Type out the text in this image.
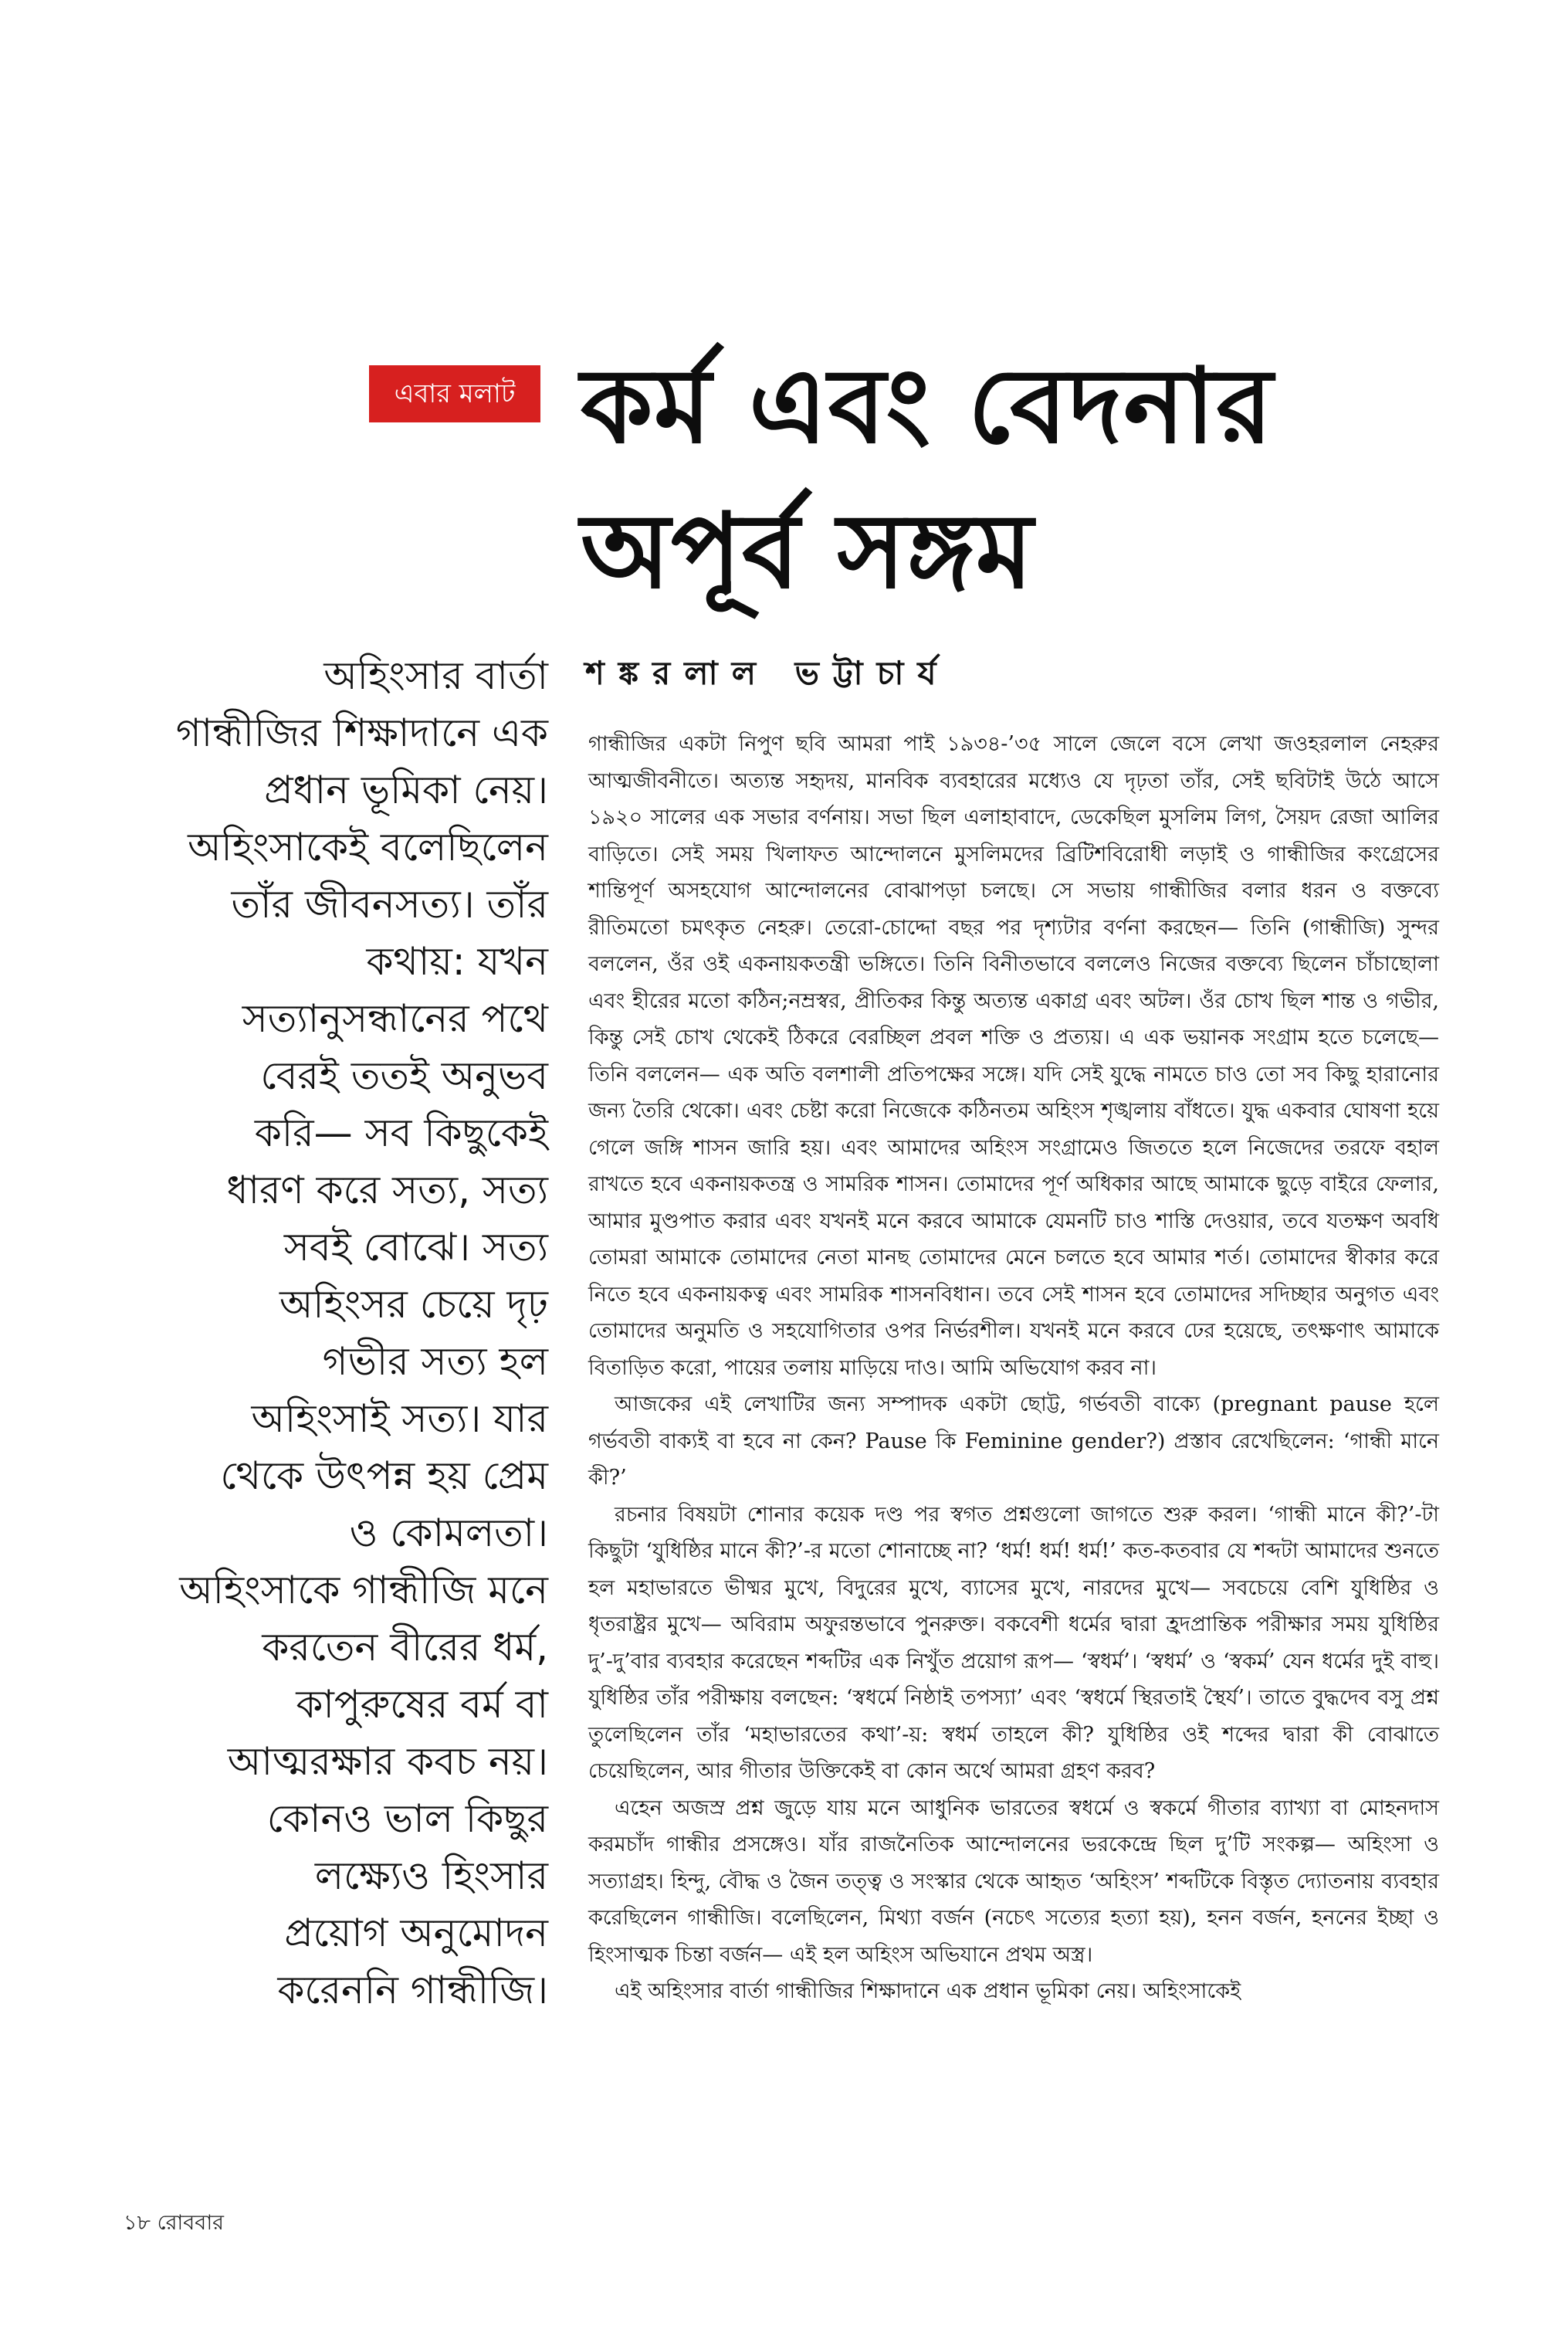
এবার মলাট কর্ম এবং বেদনার
অপূর্ব সঙ্গম
অহিংসার বার্তা
গান্ধীজির শিক্ষাদানে এক
প্রধান ভূমিকা নেয়।
অহিংসাকেই বলেছিলেন
তাঁর জীবনসত্য। তাঁর
কথায়: যখন
সত্যানুসন্ধানের পথে
বেরই ততই অনুভব
করি— সব কিছুকেই
ধারণ করে সত্য, সত্য
সবই বোঝে। সত্য
অহিংসর চেয়ে দৃঢ়
গভীর সত্য হল
অহিংসাই সত্য। যার
থেকে উৎপন্ন হয় প্রেম
ও কোমলতা।
অহিংসাকে গান্ধীজি মনে
করতেন বীরের ধর্ম,
কাপুরুষের বর্ম বা
আত্মরক্ষার কবচ নয়।
কোনও ভাল কিছুর
লক্ষ্যেও হিংসার
প্রয়োগ অনুমোদন
করেননি গান্ধীজি।
শঙ্করলাল ভট্টাচার্য

গান্ধীজির একটা নিপুণ ছবি আমরা পাই ১৯৩৪-’৩৫ সালে জেলে বসে লেখা জওহরলাল নেহরুর আত্মজীবনীতে। অত্যন্ত সহৃদয়, মানবিক ব্যবহারের মধ্যেও যে দৃঢ়তা তাঁর, সেই ছবিটাই উঠে আসে ১৯২০ সালের এক সভার বর্ণনায়। সভা ছিল এলাহাবাদে, ডেকেছিল মুসলিম লিগ, সৈয়দ রেজা আলির বাড়িতে। সেই সময় খিলাফত আন্দোলনে মুসলিমদের ব্রিটিশবিরোধী লড়াই ও গান্ধীজির কংগ্রেসের শান্তিপূর্ণ অসহযোগ আন্দোলনের বোঝাপড়া চলছে। সে সভায় গান্ধীজির বলার ধরন ও বক্তব্যে রীতিমতো চমৎকৃত নেহরু। তেরো-চোদ্দো বছর পর দৃশ্যটার বর্ণনা করছেন— তিনি (গান্ধীজি) সুন্দর বললেন, ওঁর ওই একনায়কতন্ত্রী ভঙ্গিতে। তিনি বিনীতভাবে বললেও নিজের বক্তব্যে ছিলেন চাঁচাছোলা এবং হীরের মতো কঠিন;নম্রস্বর, প্রীতিকর কিন্তু অত্যন্ত একাগ্র এবং অটল। ওঁর চোখ ছিল শান্ত ও গভীর, কিন্তু সেই চোখ থেকেই ঠিকরে বেরচ্ছিল প্রবল শক্তি ও প্রত্যয়। এ এক ভয়ানক সংগ্রাম হতে চলেছে— তিনি বললেন— এক অতি বলশালী প্রতিপক্ষের সঙ্গে। যদি সেই যুদ্ধে নামতে চাও তো সব কিছু হারানোর জন্য তৈরি থেকো। এবং চেষ্টা করো নিজেকে কঠিনতম অহিংস শৃঙ্খলায় বাঁধতে। যুদ্ধ একবার ঘোষণা হয়ে গেলে জঙ্গি শাসন জারি হয়। এবং আমাদের অহিংস সংগ্রামেও জিততে হলে নিজেদের তরফে বহাল রাখতে হবে একনায়কতন্ত্র ও সামরিক শাসন। তোমাদের পূর্ণ অধিকার আছে আমাকে ছুড়ে বাইরে ফেলার, আমার মুণ্ডপাত করার এবং যখনই মনে করবে আমাকে যেমনটি চাও শাস্তি দেওয়ার, তবে যতক্ষণ অবধি তোমরা আমাকে তোমাদের নেতা মানছ তোমাদের মেনে চলতে হবে আমার শর্ত। তোমাদের স্বীকার করে নিতে হবে একনায়কত্ব এবং সামরিক শাসনবিধান। তবে সেই শাসন হবে তোমাদের সদিচ্ছার অনুগত এবং তোমাদের অনুমতি ও সহযোগিতার ওপর নির্ভরশীল। যখনই মনে করবে ঢের হয়েছে, তৎক্ষণাৎ আমাকে বিতাড়িত করো, পায়ের তলায় মাড়িয়ে দাও। আমি অভিযোগ করব না।

আজকের এই লেখাটির জন্য সম্পাদক একটা ছোট্ট, গর্ভবতী বাক্যে (pregnant pause হলে গর্ভবতী বাক্যই বা হবে না কেন? Pause কি Feminine gender?) প্রস্তাব রেখেছিলেন: ‘গান্ধী মানে কী?’

রচনার বিষয়টা শোনার কয়েক দণ্ড পর স্বগত প্রশ্নগুলো জাগতে শুরু করল। ‘গান্ধী মানে কী?’-টা কিছুটা ‘যুধিষ্ঠির মানে কী?’-র মতো শোনাচ্ছে না? ‘ধর্ম! ধর্ম! ধর্ম!’ কত-কতবার যে শব্দটা আমাদের শুনতে হল মহাভারতে ভীষ্মর মুখে, বিদুরের মুখে, ব্যাসের মুখে, নারদের মুখে— সবচেয়ে বেশি যুধিষ্ঠির ও ধৃতরাষ্ট্রর মুখে— অবিরাম অফুরন্তভাবে পুনরুক্ত। বকবেশী ধর্মের দ্বারা হ্রদপ্রান্তিক পরীক্ষার সময় যুধিষ্ঠির দু’-দু’বার ব্যবহার করেছেন শব্দটির এক নিখুঁত প্রয়োগ রূপ— ‘স্বধর্ম’। ‘স্বধর্ম’ ও ‘স্বকর্ম’ যেন ধর্মের দুই বাহু। যুধিষ্ঠির তাঁর পরীক্ষায় বলছেন: ‘স্বধর্মে নিষ্ঠাই তপস্যা’ এবং ‘স্বধর্মে স্থিরতাই স্থৈর্য’। তাতে বুদ্ধদেব বসু প্রশ্ন তুলেছিলেন তাঁর ‘মহাভারতের কথা’-য়: স্বধর্ম তাহলে কী? যুধিষ্ঠির ওই শব্দের দ্বারা কী বোঝাতে চেয়েছিলেন, আর গীতার উক্তিকেই বা কোন অর্থে আমরা গ্রহণ করব?

এহেন অজস্র প্রশ্ন জুড়ে যায় মনে আধুনিক ভারতের স্বধর্মে ও স্বকর্মে গীতার ব্যাখ্যা বা মোহনদাস করমচাঁদ গান্ধীর প্রসঙ্গেও। যাঁর রাজনৈতিক আন্দোলনের ভরকেন্দ্রে ছিল দু’টি সংকল্প— অহিংসা ও সত্যাগ্রহ। হিন্দু, বৌদ্ধ ও জৈন তত্ত্ব ও সংস্কার থেকে আহৃত ‘অহিংস’ শব্দটিকে বিস্তৃত দ্যোতনায় ব্যবহার করেছিলেন গান্ধীজি। বলেছিলেন, মিথ্যা বর্জন (নচেৎ সত্যের হত্যা হয়), হনন বর্জন, হননের ইচ্ছা ও হিংসাত্মক চিন্তা বর্জন— এই হল অহিংস অভিযানে প্রথম অস্ত্র।

এই অহিংসার বার্তা গান্ধীজির শিক্ষাদানে এক প্রধান ভূমিকা নেয়। অহিংসাকেই

১৮ রোববার
